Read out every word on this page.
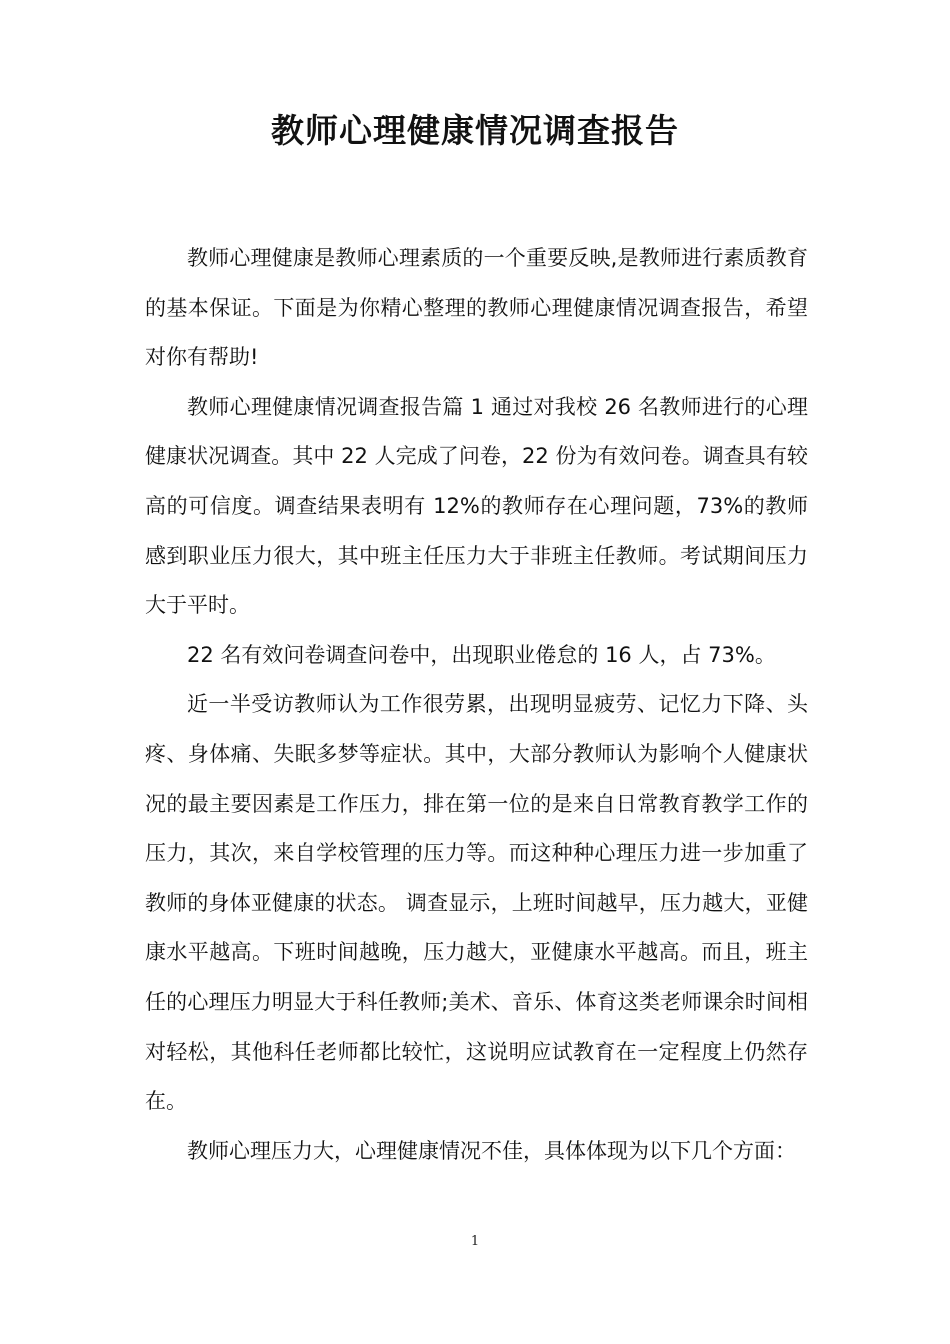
教师心理健康情况调查报告

教师心理健康是教师心理素质的一个重要反映,是教师进行素质教育的基本保证。下面是为你精心整理的教师心理健康情况调查报告，希望对你有帮助!

教师心理健康情况调查报告篇 1 通过对我校 26 名教师进行的心理健康状况调查。其中 22 人完成了问卷，22 份为有效问卷。调查具有较高的可信度。调查结果表明有 12%的教师存在心理问题，73%的教师感到职业压力很大，其中班主任压力大于非班主任教师。考试期间压力大于平时。

22 名有效问卷调查问卷中，出现职业倦怠的 16 人，占 73%。

近一半受访教师认为工作很劳累，出现明显疲劳、记忆力下降、头疼、身体痛、失眠多梦等症状。其中，大部分教师认为影响个人健康状况的最主要因素是工作压力，排在第一位的是来自日常教育教学工作的压力，其次，来自学校管理的压力等。而这种种心理压力进一步加重了教师的身体亚健康的状态。 调查显示，上班时间越早，压力越大，亚健康水平越高。下班时间越晚，压力越大，亚健康水平越高。而且，班主任的心理压力明显大于科任教师;美术、音乐、体育这类老师课余时间相对轻松，其他科任老师都比较忙，这说明应试教育在一定程度上仍然存在。

教师心理压力大，心理健康情况不佳，具体体现为以下几个方面：

1
